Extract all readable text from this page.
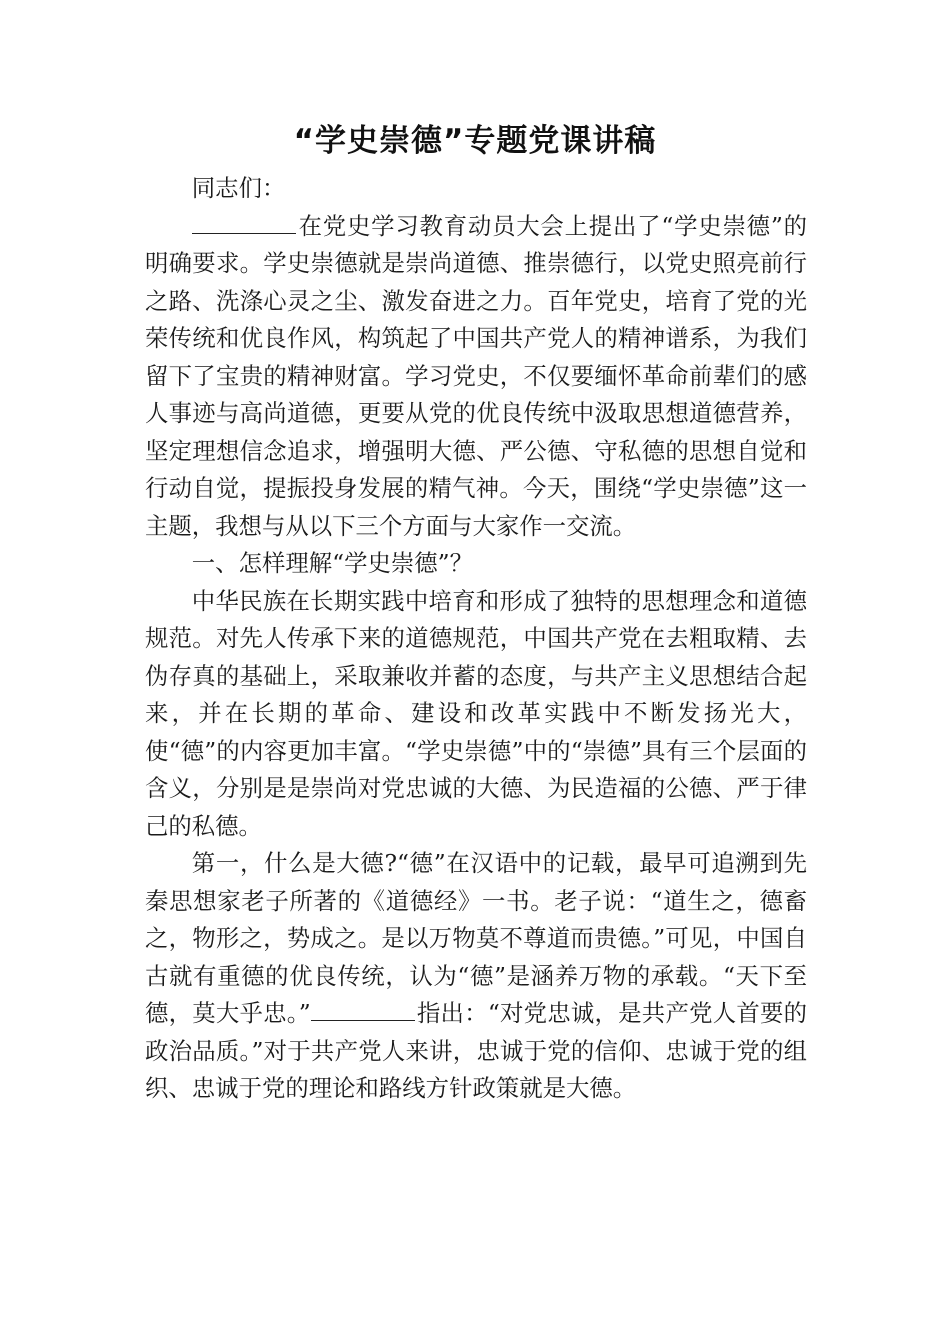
“学史崇德”专题党课讲稿

同志们：

在党史学习教育动员大会上提出了“学史崇德”的明确要求。学史崇德就是崇尚道德、推崇德行，以党史照亮前行之路、洗涤心灵之尘、激发奋进之力。百年党史，培育了党的光荣传统和优良作风，构筑起了中国共产党人的精神谱系，为我们留下了宝贵的精神财富。学习党史，不仅要缅怀革命前辈们的感人事迹与高尚道德，更要从党的优良传统中汲取思想道德营养，坚定理想信念追求，增强明大德、严公德、守私德的思想自觉和行动自觉，提振投身发展的精气神。今天，围绕“学史崇德”这一主题，我想与从以下三个方面与大家作一交流。

一、怎样理解“学史崇德”？

中华民族在长期实践中培育和形成了独特的思想理念和道德规范。对先人传承下来的道德规范，中国共产党在去粗取精、去伪存真的基础上，采取兼收并蓄的态度，与共产主义思想结合起来，并在长期的革命、建设和改革实践中不断发扬光大，使“德”的内容更加丰富。“学史崇德”中的“崇德”具有三个层面的含义，分别是是崇尚对党忠诚的大德、为民造福的公德、严于律己的私德。

第一，什么是大德?“德”在汉语中的记载，最早可追溯到先秦思想家老子所著的《道德经》一书。老子说：“道生之，德畜之，物形之，势成之。是以万物莫不尊道而贵德。”可见，中国自古就有重德的优良传统，认为“德”是涵养万物的承载。“天下至德，莫大乎忠。”	指出：“对党忠诚，是共产党人首要的政治品质。”对于共产党人来讲，忠诚于党的信仰、忠诚于党的组织、忠诚于党的理论和路线方针政策就是大德。
